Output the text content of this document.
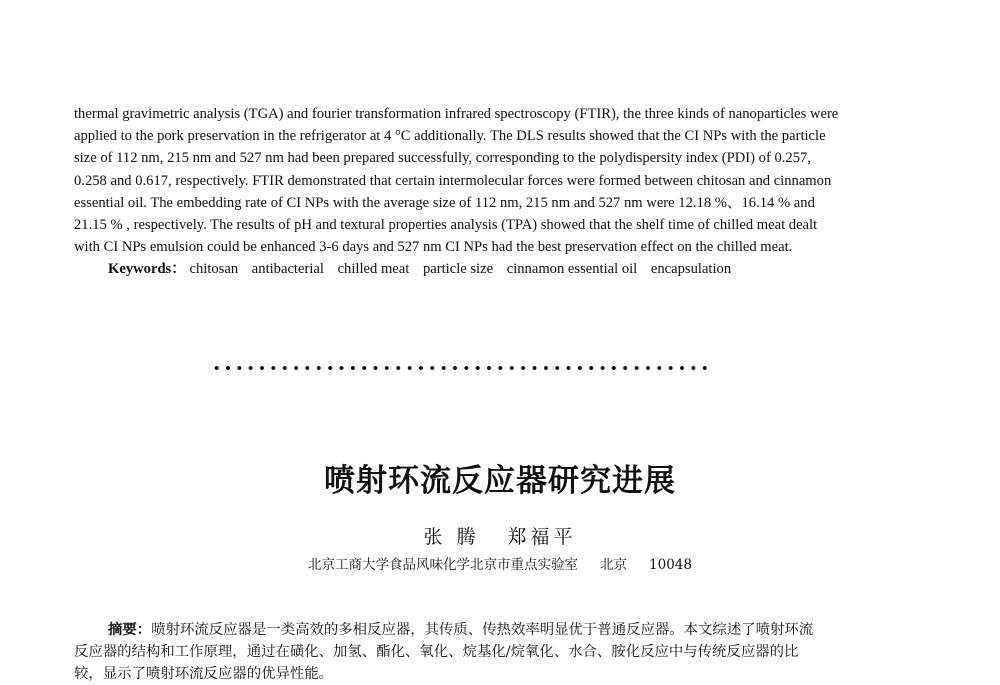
thermal gravimetric analysis (TGA) and fourier transformation infrared spectroscopy (FTIR), the three kinds of nanoparticles were

applied to the pork preservation in the refrigerator at 4 °C additionally. The DLS results showed that the CI NPs with the particle

size of 112 nm, 215 nm and 527 nm had been prepared successfully, corresponding to the polydispersity index (PDI) of 0.257,

0.258 and 0.617, respectively. FTIR demonstrated that certain intermolecular forces were formed between chitosan and cinnamon

essential oil. The embedding rate of CI NPs with the average size of 112 nm, 215 nm and 527 nm were 12.18 %、16.14 % and

21.15 % , respectively. The results of pH and textural properties analysis (TPA) showed that the shelf time of chilled meat dealt

with CI NPs emulsion could be enhanced 3-6 days and 527 nm CI NPs had the best preservation effect on the chilled meat.

Keywords： chitosan antibacterial chilled meat particle size cinnamon essential oil encapsulation
••••••••••••••••••••••••••••••••••••••••••••
喷射环流反应器研究进展
张 腾 郑福平
北京工商大学食品风味化学北京市重点实验室 北京 10048

摘要：喷射环流反应器是一类高效的多相反应器，其传质、传热效率明显优于普通反应器。本文综述了喷射环流

反应器的结构和工作原理，通过在磺化、加氢、酯化、氧化、烷基化/烷氧化、水合、胺化反应中与传统反应器的比

较，显示了喷射环流反应器的优异性能。
